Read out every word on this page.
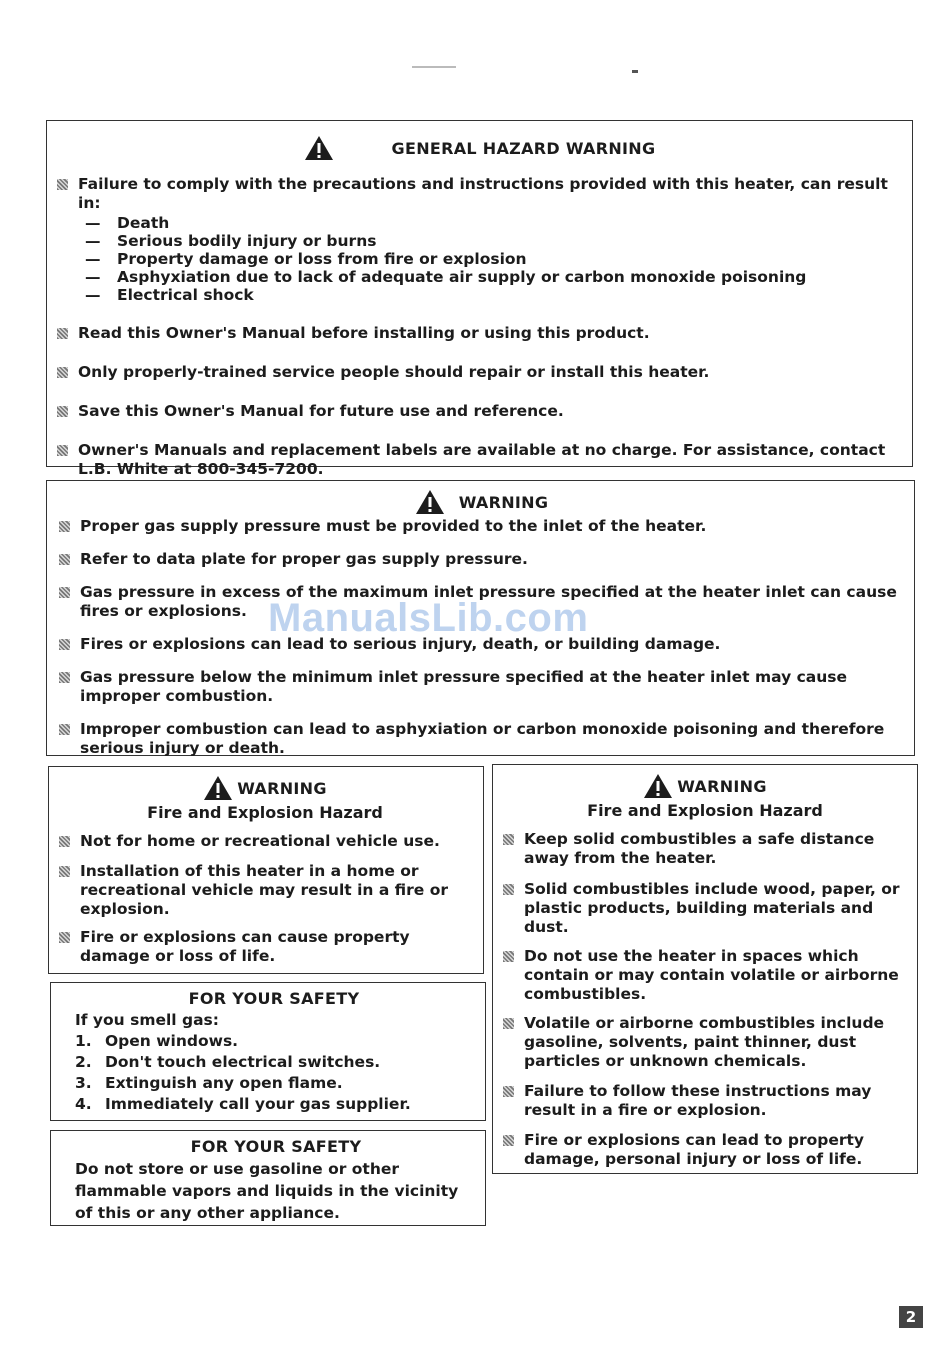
GENERAL HAZARD WARNING
Failure to comply with the precautions and instructions provided with this heater, can result in:
—	Death
—	Serious bodily injury or burns
—	Property damage or loss from fire or explosion
—	Asphyxiation due to lack of adequate air supply or carbon monoxide poisoning
—	Electrical shock
Read this Owner's Manual before installing or using this product.
Only properly-trained service people should repair or install this heater.
Save this Owner's Manual for future use and reference.
Owner's Manuals and replacement labels are available at no charge. For assistance, contact L.B. White at 800-345-7200.
WARNING
Proper gas supply pressure must be provided to the inlet of the heater.
Refer to data plate for proper gas supply pressure.
Gas pressure in excess of the maximum inlet pressure specified at the heater inlet can cause fires or explosions.
Fires or explosions can lead to serious injury, death, or building damage.
Gas pressure below the minimum inlet pressure specified at the heater inlet may cause improper combustion.
Improper combustion can lead to asphyxiation or carbon monoxide poisoning and therefore serious injury or death.
WARNING
Fire and Explosion Hazard
Not for home or recreational vehicle use.
Installation of this heater in a home or recreational vehicle may result in a fire or explosion.
Fire or explosions can cause property damage or loss of life.
FOR YOUR SAFETY
If you smell gas:
1. Open windows.
2. Don't touch electrical switches.
3. Extinguish any open flame.
4. Immediately call your gas supplier.
FOR YOUR SAFETY
Do not store or use gasoline or other flammable vapors and liquids in the vicinity of this or any other appliance.
WARNING
Fire and Explosion Hazard
Keep solid combustibles a safe distance away from the heater.
Solid combustibles include wood, paper, or plastic products, building materials and dust.
Do not use the heater in spaces which contain or may contain volatile or airborne combustibles.
Volatile or airborne combustibles include gasoline, solvents, paint thinner, dust particles or unknown chemicals.
Failure to follow these instructions may result in a fire or explosion.
Fire or explosions can lead to property damage, personal injury or loss of life.
ManualsLib.com
2
